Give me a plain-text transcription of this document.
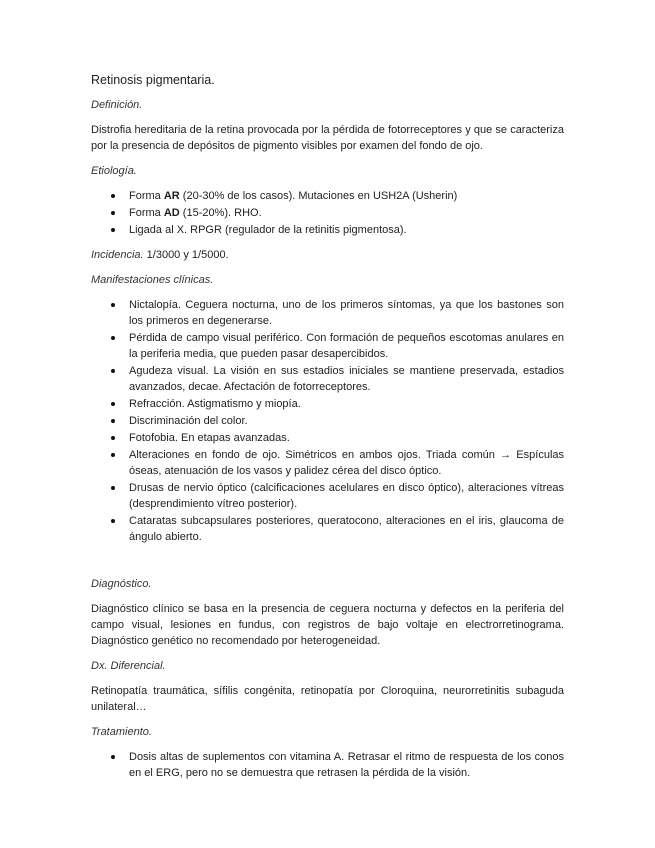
Retinosis pigmentaria.

Definición.

Distrofia hereditaria de la retina provocada por la pérdida de fotorreceptores y que se caracteriza por la presencia de depósitos de pigmento visibles por examen del fondo de ojo.

Etiología.

Forma AR (20-30% de los casos). Mutaciones en USH2A (Usherin)
Forma AD (15-20%). RHO.
Ligada al X. RPGR (regulador de la retinitis pigmentosa).

Incidencia. 1/3000 y 1/5000.

Manifestaciones clínicas.

Nictalopía. Ceguera nocturna, uno de los primeros síntomas, ya que los bastones son los primeros en degenerarse.
Pérdida de campo visual periférico. Con formación de pequeños escotomas anulares en la periferia media, que pueden pasar desapercibidos.
Agudeza visual. La visión en sus estadios iniciales se mantiene preservada, estadios avanzados, decae. Afectación de fotorreceptores.
Refracción. Astigmatismo y miopía.
Discriminación del color.
Fotofobia. En etapas avanzadas.
Alteraciones en fondo de ojo. Simétricos en ambos ojos. Triada común → Espículas óseas, atenuación de los vasos y palidez cérea del disco óptico.
Drusas de nervio óptico (calcificaciones acelulares en disco óptico), alteraciones vítreas (desprendimiento vítreo posterior).
Cataratas subcapsulares posteriores, queratocono, alteraciones en el iris, glaucoma de ángulo abierto.

Diagnóstico.

Diagnóstico clínico se basa en la presencia de ceguera nocturna y defectos en la periferia del campo visual, lesiones en fundus, con registros de bajo voltaje en electrorretinograma. Diagnóstico genético no recomendado por heterogeneidad.

Dx. Diferencial.

Retinopatía traumática, sífilis congénita, retinopatía por Cloroquina, neurorretinitis subaguda unilateral…

Tratamiento.

Dosis altas de suplementos con vitamina A. Retrasar el ritmo de respuesta de los conos en el ERG, pero no se demuestra que retrasen la pérdida de la visión.
